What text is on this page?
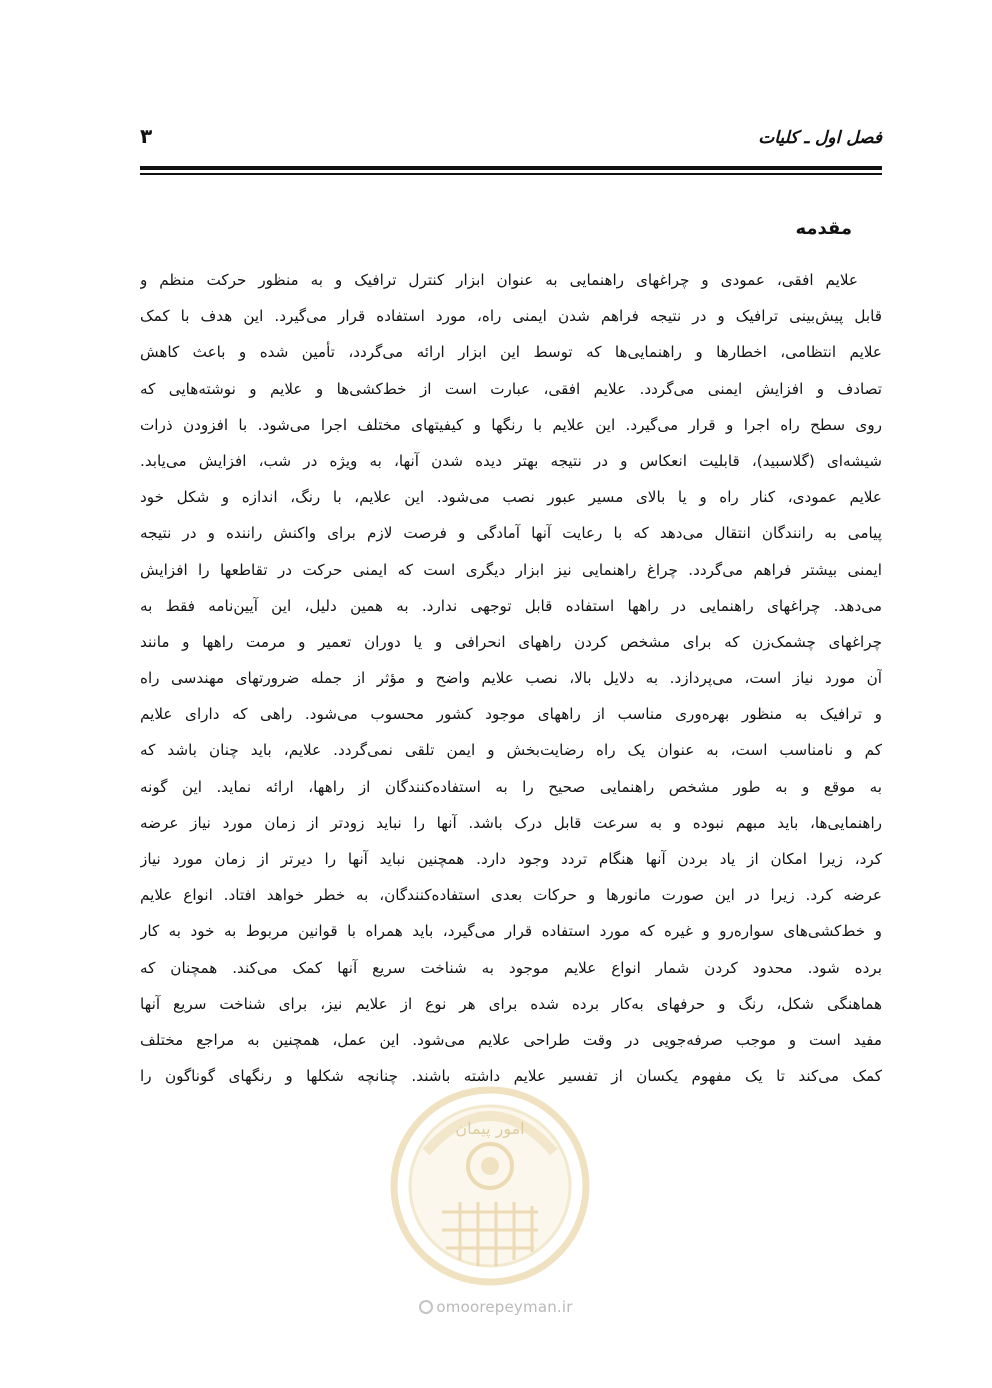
فصل اول ـ کلیات
۳
مقدمه
علایم افقی، عمودی و چراغهای راهنمایی به عنوان ابزار کنترل ترافیک و به منظور حرکت منظم و
قابل پیش‌بینی ترافیک و در نتیجه فراهم شدن ایمنی راه، مورد استفاده قرار می‌گیرد. این هدف با کمک
علایم انتظامی، اخطارها و راهنمایی‌ها که توسط این ابزار ارائه می‌گردد، تأمین شده و باعث کاهش
تصادف و افزایش ایمنی می‌گردد. علایم افقی، عبارت است از خط‌کشی‌ها و علایم و نوشته‌هایی که
روی سطح راه اجرا و قرار می‌گیرد. این علایم با رنگها و کیفیتهای مختلف اجرا می‌شود. با افزودن ذرات
شیشه‌ای (گلاسبید)، قابلیت انعکاس و در نتیجه بهتر دیده شدن آنها، به ویژه در شب، افزایش می‌یابد.
علایم عمودی، کنار راه و یا بالای مسیر عبور نصب می‌شود. این علایم، با رنگ، اندازه و شکل خود
پیامی به رانندگان انتقال می‌دهد که با رعایت آنها آمادگی و فرصت لازم برای واکنش راننده و در نتیجه
ایمنی بیشتر فراهم می‌گردد. چراغ راهنمایی نیز ابزار دیگری است که ایمنی حرکت در تقاطعها را افزایش
می‌دهد. چراغهای راهنمایی در راهها استفاده قابل توجهی ندارد. به همین دلیل، این آیین‌نامه فقط به
چراغهای چشمک‌زن که برای مشخص کردن راههای انحرافی و یا دوران تعمیر و مرمت راهها و مانند
آن مورد نیاز است، می‌پردازد. به دلایل بالا، نصب علایم واضح و مؤثر از جمله ضرورتهای مهندسی راه
و ترافیک به منظور بهره‌وری مناسب از راههای موجود کشور محسوب می‌شود. راهی که دارای علایم
کم و نامناسب است، به عنوان یک راه رضایت‌بخش و ایمن تلقی نمی‌گردد. علایم، باید چنان باشد که
به موقع و به طور مشخص راهنمایی صحیح را به استفاده‌کنندگان از راهها، ارائه نماید. این گونه
راهنمایی‌ها، باید مبهم نبوده و به سرعت قابل درک باشد. آنها را نباید زودتر از زمان مورد نیاز عرضه
کرد، زیرا امکان از یاد بردن آنها هنگام تردد وجود دارد. همچنین نباید آنها را دیرتر از زمان مورد نیاز
عرضه کرد. زیرا در این صورت مانورها و حرکات بعدی استفاده‌کنندگان، به خطر خواهد افتاد. انواع علایم
و خط‌کشی‌های سواره‌رو و غیره که مورد استفاده قرار می‌گیرد، باید همراه با قوانین مربوط به خود به کار
برده شود. محدود کردن شمار انواع علایم موجود به شناخت سریع آنها کمک می‌کند. همچنان که
هماهنگی شکل، رنگ و حرفهای به‌کار برده شده برای هر نوع از علایم نیز، برای شناخت سریع آنها
مفید است و موجب صرفه‌جویی در وقت طراحی علایم می‌شود. این عمل، همچنین به مراجع مختلف
کمک می‌کند تا یک مفهوم یکسان از تفسیر علایم داشته باشند. چنانچه شکلها و رنگهای گوناگون را
امور پیمان
omoorepeyman.ir
